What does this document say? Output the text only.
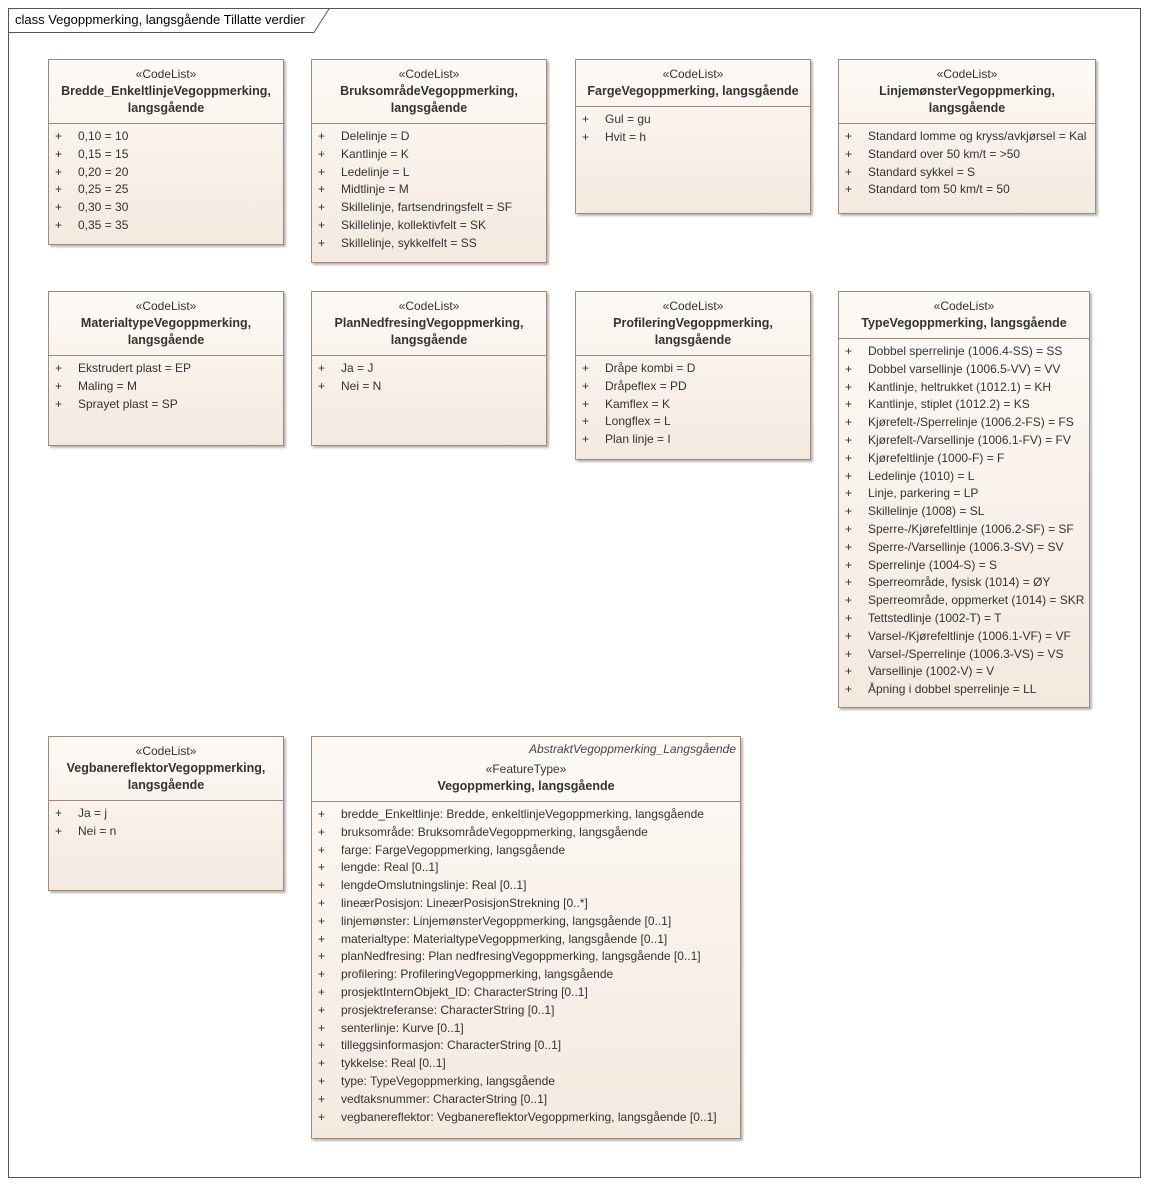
class Vegoppmerking, langsgående Tillatte verdier
«CodeList»
Bredde_EnkeltlinjeVegoppmerking,
langsgående
+ 0,10 = 10
+ 0,15 = 15
+ 0,20 = 20
+ 0,25 = 25
+ 0,30 = 30
+ 0,35 = 35
«CodeList»
BruksområdeVegoppmerking,
langsgående
+ Delelinje = D
+ Kantlinje = K
+ Ledelinje = L
+ Midtlinje = M
+ Skillelinje, fartsendringsfelt = SF
+ Skillelinje, kollektivfelt = SK
+ Skillelinje, sykkelfelt = SS
«CodeList»
FargeVegoppmerking, langsgående
+ Gul = gu
+ Hvit = h
«CodeList»
LinjemønsterVegoppmerking,
langsgående
+ Standard lomme og kryss/avkjørsel = Kal
+ Standard over 50 km/t = >50
+ Standard sykkel = S
+ Standard tom 50 km/t = 50
«CodeList»
MaterialtypeVegoppmerking,
langsgående
+ Ekstrudert plast = EP
+ Maling = M
+ Sprayet plast = SP
«CodeList»
PlanNedfresingVegoppmerking,
langsgående
+ Ja = J
+ Nei = N
«CodeList»
ProfileringVegoppmerking,
langsgående
+ Dråpe kombi = D
+ Dråpeflex = PD
+ Kamflex = K
+ Longflex = L
+ Plan linje = I
«CodeList»
TypeVegoppmerking, langsgående
+ Dobbel sperrelinje (1006.4-SS) = SS
+ Dobbel varsellinje (1006.5-VV) = VV
+ Kantlinje, heltrukket (1012.1) = KH
+ Kantlinje, stiplet (1012.2) = KS
+ Kjørefelt-/Sperrelinje (1006.2-FS) = FS
+ Kjørefelt-/Varsellinje (1006.1-FV) = FV
+ Kjørefeltlinje (1000-F) = F
+ Ledelinje (1010) = L
+ Linje, parkering = LP
+ Skillelinje (1008) = SL
+ Sperre-/Kjørefeltlinje (1006.2-SF) = SF
+ Sperre-/Varsellinje (1006.3-SV) = SV
+ Sperrelinje (1004-S) = S
+ Sperreområde, fysisk (1014) = ØY
+ Sperreområde, oppmerket (1014) = SKR
+ Tettstedlinje (1002-T) = T
+ Varsel-/Kjørefeltlinje (1006.1-VF) = VF
+ Varsel-/Sperrelinje (1006.3-VS) = VS
+ Varsellinje (1002-V) = V
+ Åpning i dobbel sperrelinje = LL
«CodeList»
VegbanereflektorVegoppmerking,
langsgående
+ Ja = j
+ Nei = n
AbstraktVegoppmerking_Langsgående
«FeatureType»
Vegoppmerking, langsgående
+ bredde_Enkeltlinje: Bredde, enkeltlinjeVegoppmerking, langsgående
+ bruksområde: BruksområdeVegoppmerking, langsgående
+ farge: FargeVegoppmerking, langsgående
+ lengde: Real [0..1]
+ lengdeOmslutningslinje: Real [0..1]
+ lineærPosisjon: LineærPosisjonStrekning [0..*]
+ linjemønster: LinjemønsterVegoppmerking, langsgående [0..1]
+ materialtype: MaterialtypeVegoppmerking, langsgående [0..1]
+ planNedfresing: Plan nedfresingVegoppmerking, langsgående [0..1]
+ profilering: ProfileringVegoppmerking, langsgående
+ prosjektInternObjekt_ID: CharacterString [0..1]
+ prosjektreferanse: CharacterString [0..1]
+ senterlinje: Kurve [0..1]
+ tilleggsinformasjon: CharacterString [0..1]
+ tykkelse: Real [0..1]
+ type: TypeVegoppmerking, langsgående
+ vedtaksnummer: CharacterString [0..1]
+ vegbanereflektor: VegbanereflektorVegoppmerking, langsgående [0..1]
